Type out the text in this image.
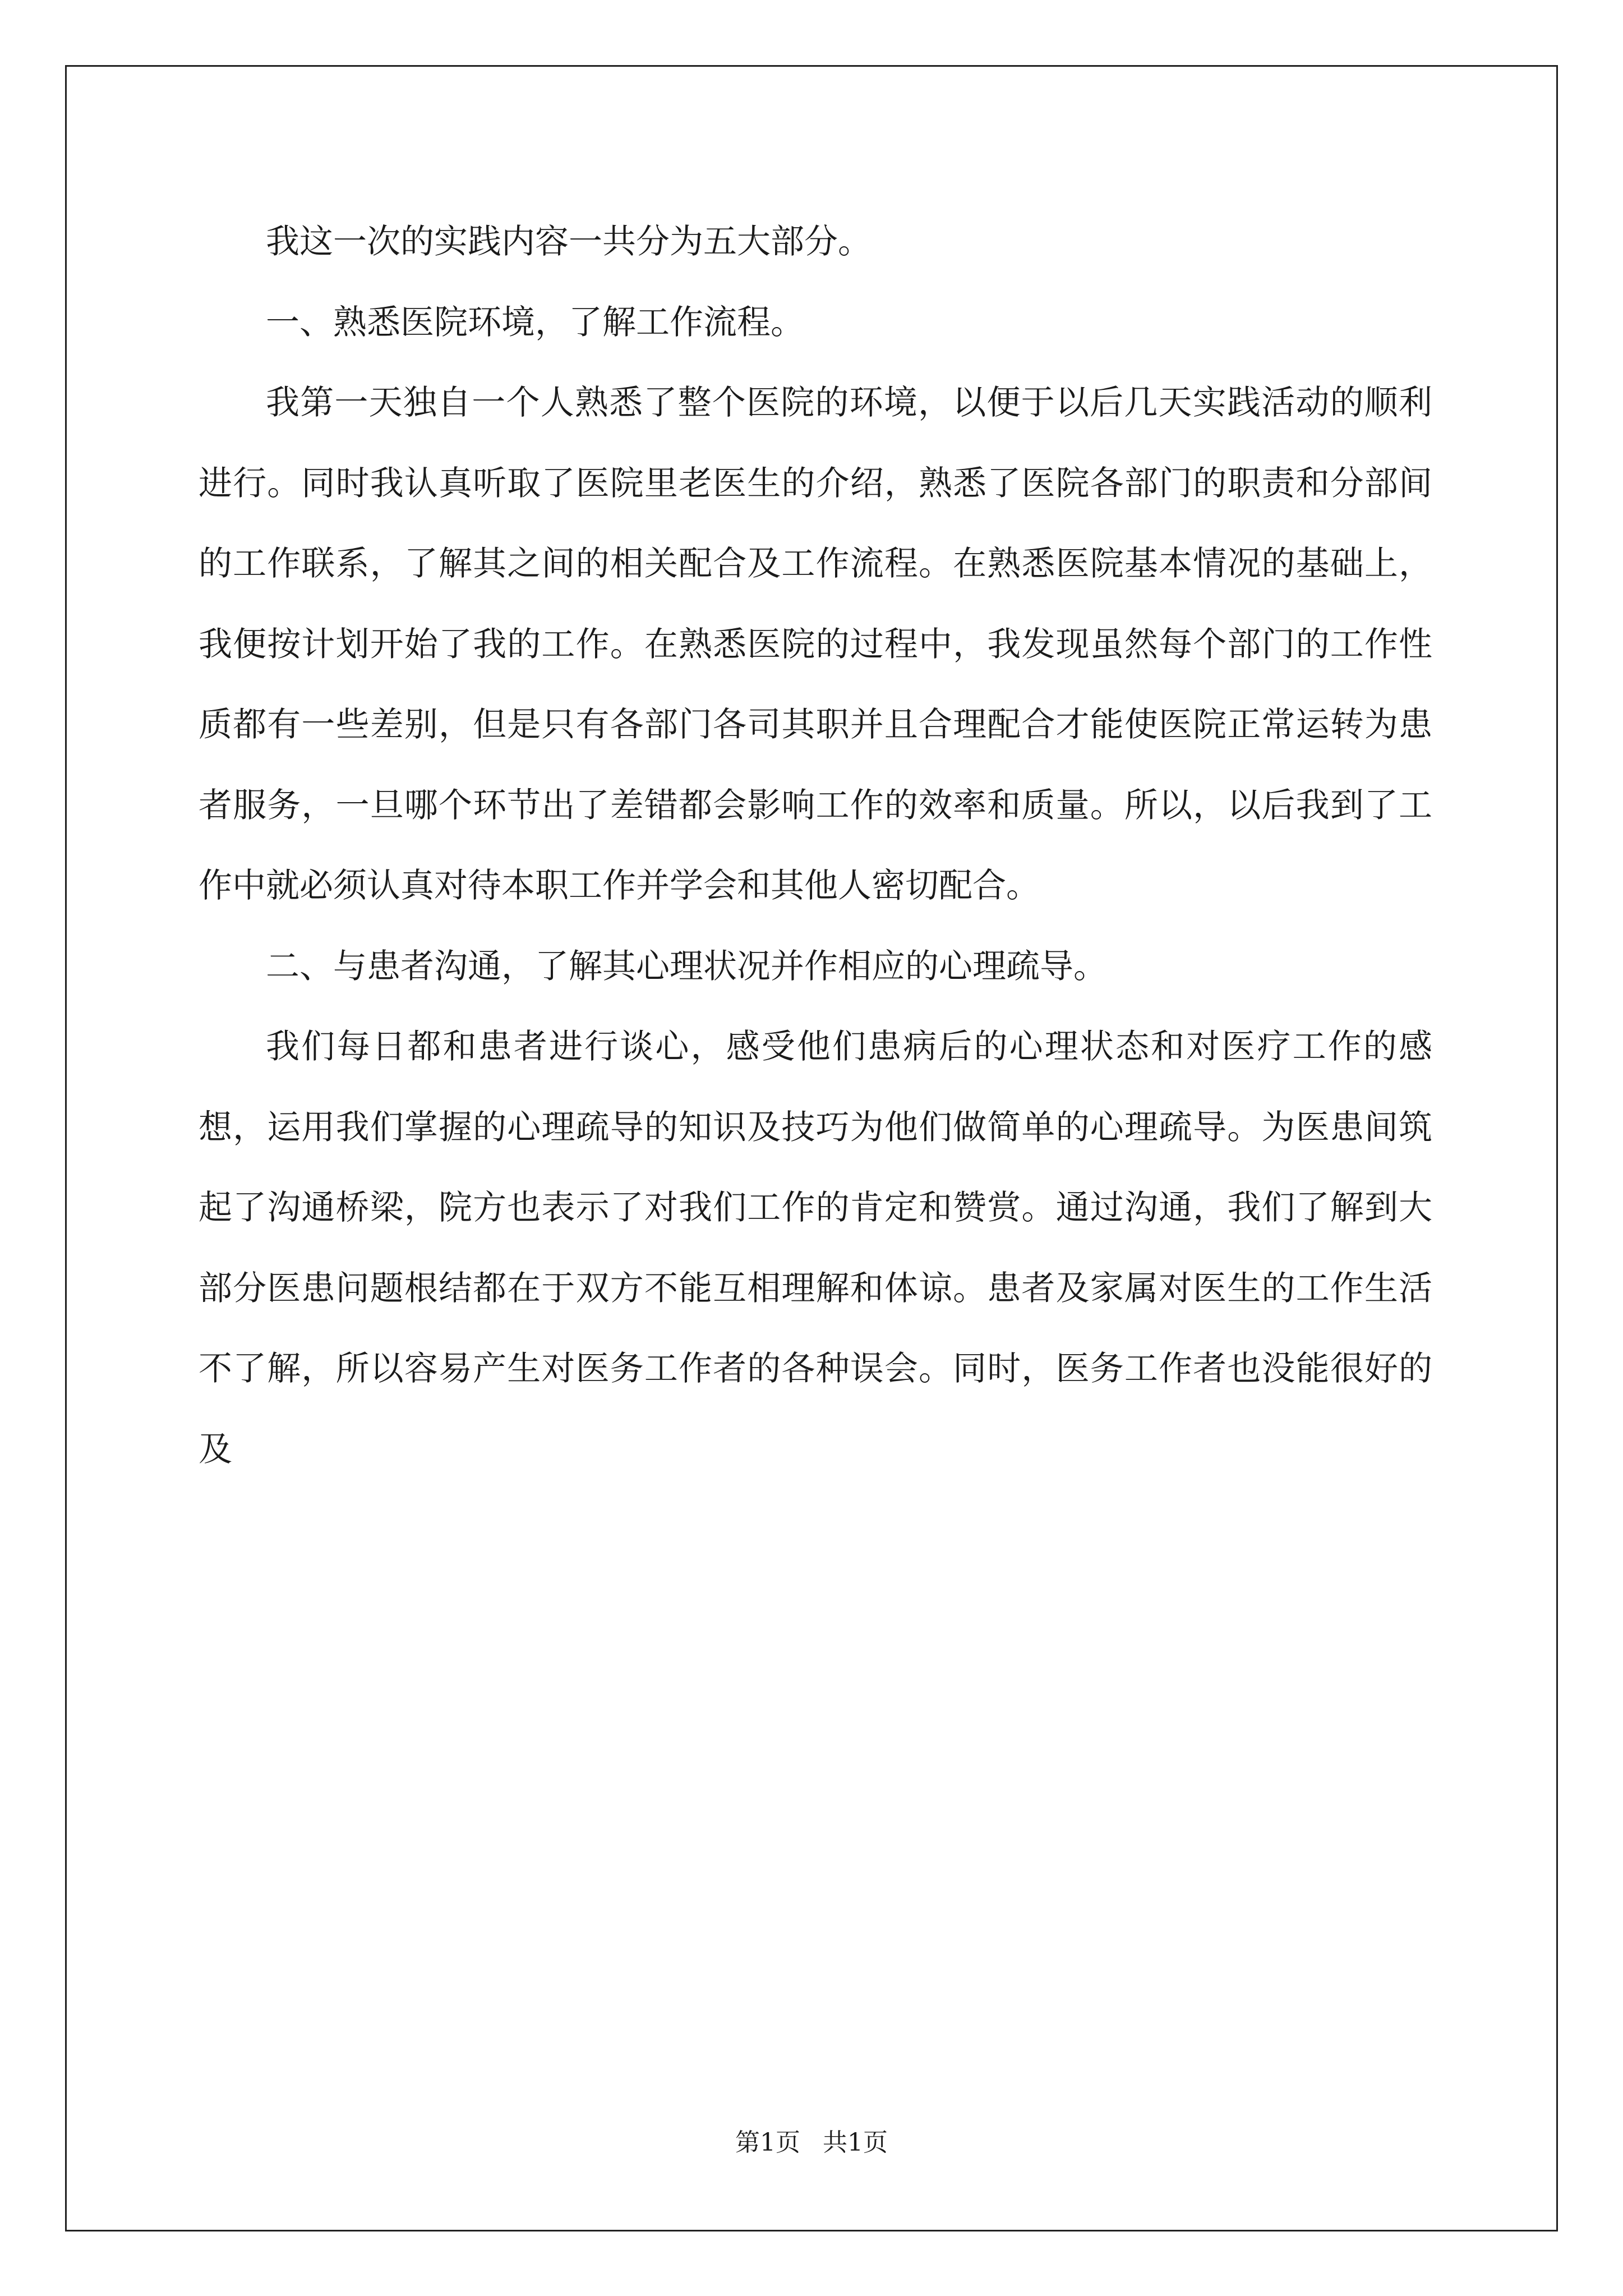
我这一次的实践内容一共分为五大部分。

一、熟悉医院环境，了解工作流程。

我第一天独自一个人熟悉了整个医院的环境，以便于以后几天实践活动的顺利进行。同时我认真听取了医院里老医生的介绍，熟悉了医院各部门的职责和分部间的工作联系，了解其之间的相关配合及工作流程。在熟悉医院基本情况的基础上，我便按计划开始了我的工作。在熟悉医院的过程中，我发现虽然每个部门的工作性质都有一些差别，但是只有各部门各司其职并且合理配合才能使医院正常运转为患者服务，一旦哪个环节出了差错都会影响工作的效率和质量。所以，以后我到了工作中就必须认真对待本职工作并学会和其他人密切配合。

二、与患者沟通，了解其心理状况并作相应的心理疏导。

我们每日都和患者进行谈心，感受他们患病后的心理状态和对医疗工作的感想，运用我们掌握的心理疏导的知识及技巧为他们做简单的心理疏导。为医患间筑起了沟通桥梁，院方也表示了对我们工作的肯定和赞赏。通过沟通，我们了解到大部分医患问题根结都在于双方不能互相理解和体谅。患者及家属对医生的工作生活不了解，所以容易产生对医务工作者的各种误会。同时，医务工作者也没能很好的及

第1页 共1页
